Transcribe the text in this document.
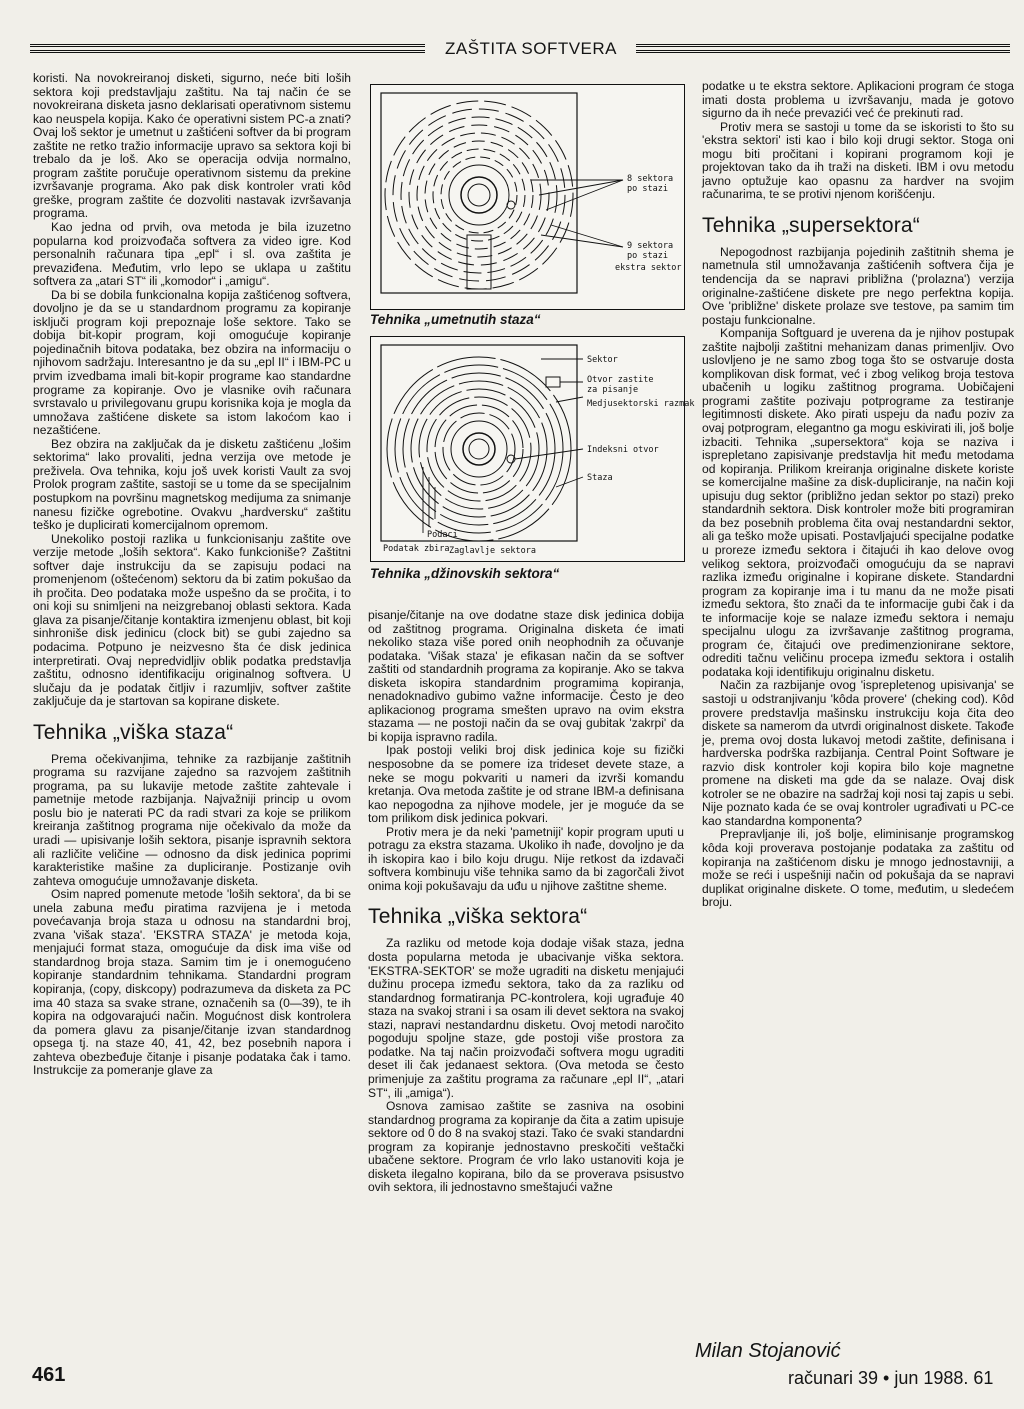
ZAŠTITA SOFTVERA

koristi. Na novokreiranoj disketi, sigurno, neće biti loših sektora koji predstavljaju zaštitu. Na taj način će se novokreirana disketa jasno deklarisati operativnom sistemu kao neuspela kopija. Kako će operativni sistem PC-a znati? Ovaj loš sektor je umetnut u zaštićeni softver da bi program zaštite ne retko tražio informacije upravo sa sektora koji bi trebalo da je loš. Ako se operacija odvija normalno, program zaštite poručuje operativnom sistemu da prekine izvršavanje programa. Ako pak disk kontroler vrati kôd greške, program zaštite će dozvoliti nastavak izvršavanja programa.

Kao jedna od prvih, ova metoda je bila izuzetno popularna kod proizvođača softvera za video igre. Kod personalnih računara tipa „epl“ i sl. ova zaštita je prevaziđena. Međutim, vrlo lepo se uklapa u zaštitu softvera za „atari ST“ ili „komodor“ i „amigu“.

Da bi se dobila funkcionalna kopija zaštićenog softvera, dovoljno je da se u standardnom programu za kopiranje isključi program koji prepoznaje loše sektore. Tako se dobija bit-kopir program, koji omogućuje kopiranje pojedinačnih bitova podataka, bez obzira na informaciju o njihovom sadržaju. Interesantno je da su „epl II“ i IBM-PC u prvim izvedbama imali bit-kopir programe kao standardne programe za kopiranje. Ovo je vlasnike ovih računara svrstavalo u privilegovanu grupu korisnika koja je mogla da umnožava zaštićene diskete sa istom lakoćom kao i nezaštićene.

Bez obzira na zaključak da je disketu zaštićenu „lošim sektorima“ lako provaliti, jedna verzija ove metode je preživela. Ova tehnika, koju još uvek koristi Vault za svoj Prolok program zaštite, sastoji se u tome da se specijalnim postupkom na površinu magnetskog medijuma za snimanje nanesu fizičke ogrebotine. Ovakvu „hardversku“ zaštitu teško je duplicirati komercijalnom opremom.

Unekoliko postoji razlika u funkcionisanju zaštite ove verzije metode „loših sektora“. Kako funkcioniše? Zaštitni softver daje instrukciju da se zapisuju podaci na promenjenom (oštećenom) sektoru da bi zatim pokušao da ih pročita. Deo podataka može uspešno da se pročita, i to oni koji su snimljeni na neizgrebanoj oblasti sektora. Kada glava za pisanje/čitanje kontaktira izmenjenu oblast, bit koji sinhroniše disk jedinicu (clock bit) se gubi zajedno sa podacima. Potpuno je neizvesno šta će disk jedinica interpretirati. Ovaj nepredvidljiv oblik podatka predstavlja zaštitu, odnosno identifikaciju originalnog softvera. U slučaju da je podatak čitljiv i razumljiv, softver zaštite zaključuje da je startovan sa kopirane diskete.

Tehnika „viška staza“

Prema očekivanjima, tehnike za razbijanje zaštitnih programa su razvijane zajedno sa razvojem zaštitnih programa, pa su lukavije metode zaštite zahtevale i pametnije metode razbijanja. Najvažniji princip u ovom poslu bio je naterati PC da radi stvari za koje se prilikom kreiranja zaštitnog programa nije očekivalo da može da uradi — upisivanje loših sektora, pisanje ispravnih sektora ali različite veličine — odnosno da disk jedinica poprimi karakteristike mašine za dupliciranje. Postizanje ovih zahteva omogućuje umnožavanje disketa.

Osim napred pomenute metode 'loših sektora', da bi se unela zabuna među piratima razvijena je i metoda povećavanja broja staza u odnosu na standardni broj, zvana 'višak staza'. 'EKSTRA STAZA' je metoda koja, menjajući format staza, omogućuje da disk ima više od standardnog broja staza. Samim tim je i onemogućeno kopiranje standardnim tehnikama. Standardni program kopiranja, (copy, diskcopy) podrazumeva da disketa za PC ima 40 staza sa svake strane, označenih sa (0—39), te ih kopira na odgovarajući način. Mogućnost disk kontrolera da pomera glavu za pisanje/čitanje izvan standardnog opsega tj. na staze 40, 41, 42, bez posebnih napora i zahteva obezbeđuje čitanje i pisanje podataka čak i tamo. Instrukcije za pomeranje glave za

8 sektora
po stazi
9 sektora
po stazi
ekstra sektor
Tehnika „umetnutih staza“
Sektor
Otvor zastite
za pisanje
Medjusektorski razmak
Indeksni otvor
Staza
Podaci
Podatak zbira Zaglavlje sektora
Tehnika „džinovskih sektora“

pisanje/čitanje na ove dodatne staze disk jedinica dobija od zaštitnog programa. Originalna disketa će imati nekoliko staza više pored onih neophodnih za očuvanje podataka. 'Višak staza' je efikasan način da se softver zaštiti od standardnih programa za kopiranje. Ako se takva disketa iskopira standardnim programima kopiranja, nenadoknadivo gubimo važne informacije. Često je deo aplikacionog programa smešten upravo na ovim ekstra stazama — ne postoji način da se ovaj gubitak 'zakrpi' da bi kopija ispravno radila.

Ipak postoji veliki broj disk jedinica koje su fizički nesposobne da se pomere iza trideset devete staze, a neke se mogu pokvariti u nameri da izvrši komandu kretanja. Ova metoda zaštite je od strane IBM-a definisana kao nepogodna za njihove modele, jer je moguće da se tom prilikom disk jedinica pokvari.

Protiv mera je da neki 'pametniji' kopir program uputi u potragu za ekstra stazama. Ukoliko ih nađe, dovoljno je da ih iskopira kao i bilo koju drugu. Nije retkost da izdavači softvera kombinuju više tehnika samo da bi zagorčali život onima koji pokušavaju da uđu u njihove zaštitne sheme.

Tehnika „viška sektora“

Za razliku od metode koja dodaje višak staza, jedna dosta popularna metoda je ubacivanje viška sektora. 'EKSTRA-SEKTOR' se može ugraditi na disketu menjajući dužinu procepa između sektora, tako da za razliku od standardnog formatiranja PC-kontrolera, koji ugrađuje 40 staza na svakoj strani i sa osam ili devet sektora na svakoj stazi, napravi nestandardnu disketu. Ovoj metodi naročito pogoduju spoljne staze, gde postoji više prostora za podatke. Na taj način proizvođači softvera mogu ugraditi deset ili čak jedanaest sektora. (Ova metoda se često primenjuje za zaštitu programa za računare „epl II“, „atari ST“, ili „amiga“).

Osnova zamisao zaštite se zasniva na osobini standardnog programa za kopiranje da čita a zatim upisuje sektore od 0 do 8 na svakoj stazi. Tako će svaki standardni program za kopiranje jednostavno preskočiti veštački ubačene sektore. Program će vrlo lako ustanoviti koja je disketa ilegalno kopirana, bilo da se proverava psisustvo ovih sektora, ili jednostavno smeštajući važne

podatke u te ekstra sektore. Aplikacioni program će stoga imati dosta problema u izvršavanju, mada je gotovo sigurno da ih neće prevazići već će prekinuti rad.

Protiv mera se sastoji u tome da se iskoristi to što su 'ekstra sektori' isti kao i bilo koji drugi sektor. Stoga oni mogu biti pročitani i kopirani programom koji je projektovan tako da ih traži na disketi. IBM i ovu metodu javno optužuje kao opasnu za hardver na svojim računarima, te se protivi njenom korišćenju.

Tehnika „supersektora“

Nepogodnost razbijanja pojedinih zaštitnih shema je nametnula stil umnožavanja zaštićenih softvera čija je tendencija da se napravi približna ('prolazna') verzija originalne-zaštićene diskete pre nego perfektna kopija. Ove 'približne' diskete prolaze sve testove, pa samim tim postaju funkcionalne.

Kompanija Softguard je uverena da je njihov postupak zaštite najbolji zaštitni mehanizam danas primenljiv. Ovo uslovljeno je ne samo zbog toga što se ostvaruje dosta komplikovan disk format, već i zbog velikog broja testova ubačenih u logiku zaštitnog programa. Uobičajeni programi zaštite pozivaju potprograme za testiranje legitimnosti diskete. Ako pirati uspeju da nađu poziv za ovaj potprogram, elegantno ga mogu eskivirati ili, još bolje izbaciti. Tehnika „supersektora“ koja se naziva i isprepletano zapisivanje predstavlja hit među metodama od kopiranja. Prilikom kreiranja originalne diskete koriste se komercijalne mašine za disk-dupliciranje, na način koji upisuju dug sektor (približno jedan sektor po stazi) preko standardnih sektora. Disk kontroler može biti programiran da bez posebnih problema čita ovaj nestandardni sektor, ali ga teško može upisati. Postavljajući specijalne podatke u proreze između sektora i čitajući ih kao delove ovog velikog sektora, proizvođači omogućuju da se napravi razlika između originalne i kopirane diskete. Standardni program za kopiranje ima i tu manu da ne može pisati između sektora, što znači da te informacije gubi čak i da te informacije koje se nalaze između sektora i nemaju specijalnu ulogu za izvršavanje zaštitnog programa, program će, čitajući ove predimenzionirane sektore, odrediti tačnu veličinu procepa između sektora i ostalih podataka koji identifikuju originalnu disketu.

Način za razbijanje ovog 'isprepletenog upisivanja' se sastoji u odstranjivanju 'kôda provere' (cheking cod). Kôd provere predstavlja mašinsku instrukciju koja čita deo diskete sa namerom da utvrdi originalnost diskete. Takođe je, prema ovoj dosta lukavoj metodi zaštite, definisana i hardverska podrška razbijanja. Central Point Software je razvio disk kontroler koji kopira bilo koje magnetne promene na disketi ma gde da se nalaze. Ovaj disk kotroler se ne obazire na sadržaj koji nosi taj zapis u sebi. Nije poznato kada će se ovaj kontroler ugrađivati u PC-ce kao standardna komponenta?

Prepravljanje ili, još bolje, eliminisanje programskog kôda koji proverava postojanje podataka za zaštitu od kopiranja na zaštićenom disku je mnogo jednostavniji, a može se reći i uspešniji način od pokušaja da se napravi duplikat originalne diskete. O tome, međutim, u sledećem broju.

Milan Stojanović
461	računari 39 • jun 1988. 61
